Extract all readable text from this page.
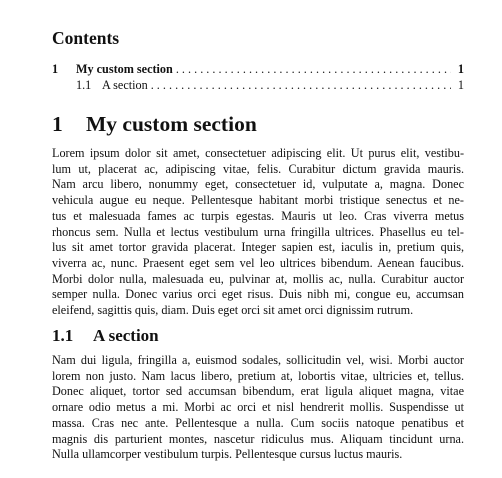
Contents
1	My custom section . . .	1
1.1 A section . . .	1
1 My custom section

Lorem ipsum dolor sit amet, consectetuer adipiscing elit. Ut purus elit, vestibu-
lum ut, placerat ac, adipiscing vitae, felis. Curabitur dictum gravida mauris.
Nam arcu libero, nonummy eget, consectetuer id, vulputate a, magna. Donec
vehicula augue eu neque. Pellentesque habitant morbi tristique senectus et ne-
tus et malesuada fames ac turpis egestas. Mauris ut leo. Cras viverra metus
rhoncus sem. Nulla et lectus vestibulum urna fringilla ultrices. Phasellus eu tel-
lus sit amet tortor gravida placerat. Integer sapien est, iaculis in, pretium quis,
viverra ac, nunc. Praesent eget sem vel leo ultrices bibendum. Aenean faucibus.
Morbi dolor nulla, malesuada eu, pulvinar at, mollis ac, nulla. Curabitur auctor
semper nulla. Donec varius orci eget risus. Duis nibh mi, congue eu, accumsan
eleifend, sagittis quis, diam. Duis eget orci sit amet orci dignissim rutrum.

1.1 A section

Nam dui ligula, fringilla a, euismod sodales, sollicitudin vel, wisi. Morbi auctor
lorem non justo. Nam lacus libero, pretium at, lobortis vitae, ultricies et, tellus.
Donec aliquet, tortor sed accumsan bibendum, erat ligula aliquet magna, vitae
ornare odio metus a mi. Morbi ac orci et nisl hendrerit mollis. Suspendisse ut
massa. Cras nec ante. Pellentesque a nulla. Cum sociis natoque penatibus et
magnis dis parturient montes, nascetur ridiculus mus. Aliquam tincidunt urna.
Nulla ullamcorper vestibulum turpis. Pellentesque cursus luctus mauris.
